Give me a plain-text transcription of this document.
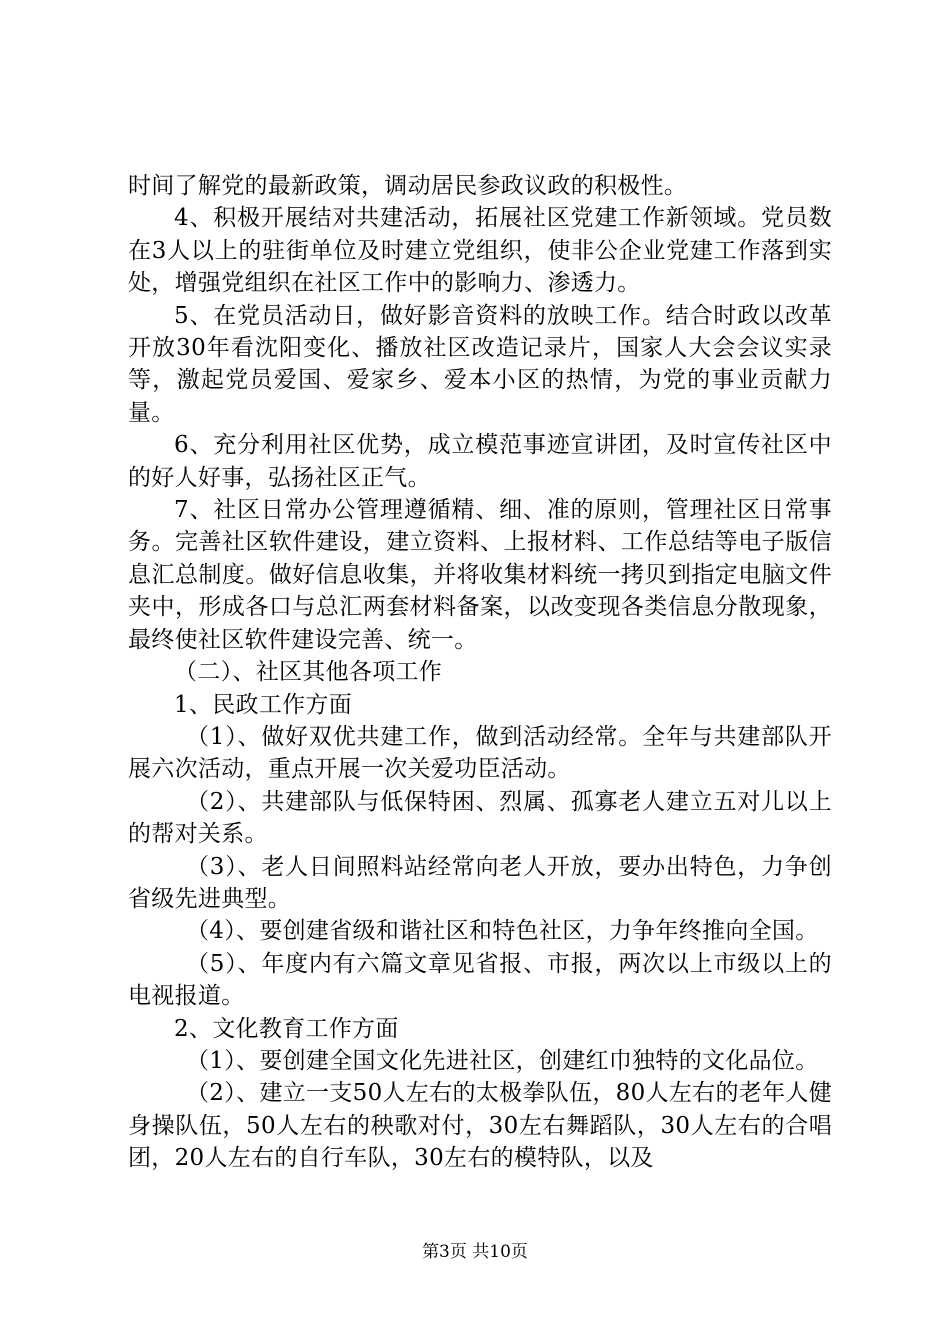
时间了解党的最新政策，调动居民参政议政的积极性。

4、积极开展结对共建活动，拓展社区党建工作新领域。党员数在3人以上的驻街单位及时建立党组织，使非公企业党建工作落到实处，增强党组织在社区工作中的影响力、渗透力。

5、在党员活动日，做好影音资料的放映工作。结合时政以改革开放30年看沈阳变化、播放社区改造记录片，国家人大会会议实录等，激起党员爱国、爱家乡、爱本小区的热情，为党的事业贡献力量。

6、充分利用社区优势，成立模范事迹宣讲团，及时宣传社区中的好人好事，弘扬社区正气。

7、社区日常办公管理遵循精、细、准的原则，管理社区日常事务。完善社区软件建设，建立资料、上报材料、工作总结等电子版信息汇总制度。做好信息收集，并将收集材料统一拷贝到指定电脑文件夹中，形成各口与总汇两套材料备案，以改变现各类信息分散现象，最终使社区软件建设完善、统一。

（二）、社区其他各项工作

1、民政工作方面

（1）、做好双优共建工作，做到活动经常。全年与共建部队开展六次活动，重点开展一次关爱功臣活动。

（2）、共建部队与低保特困、烈属、孤寡老人建立五对儿以上的帮对关系。

（3）、老人日间照料站经常向老人开放，要办出特色，力争创省级先进典型。

（4）、要创建省级和谐社区和特色社区，力争年终推向全国。

（5）、年度内有六篇文章见省报、市报，两次以上市级以上的电视报道。

2、文化教育工作方面

（1）、要创建全国文化先进社区，创建红巾独特的文化品位。

（2）、建立一支50人左右的太极拳队伍，80人左右的老年人健身操队伍，50人左右的秧歌对付，30左右舞蹈队，30人左右的合唱团，20人左右的自行车队，30左右的模特队，以及

第3页 共10页
